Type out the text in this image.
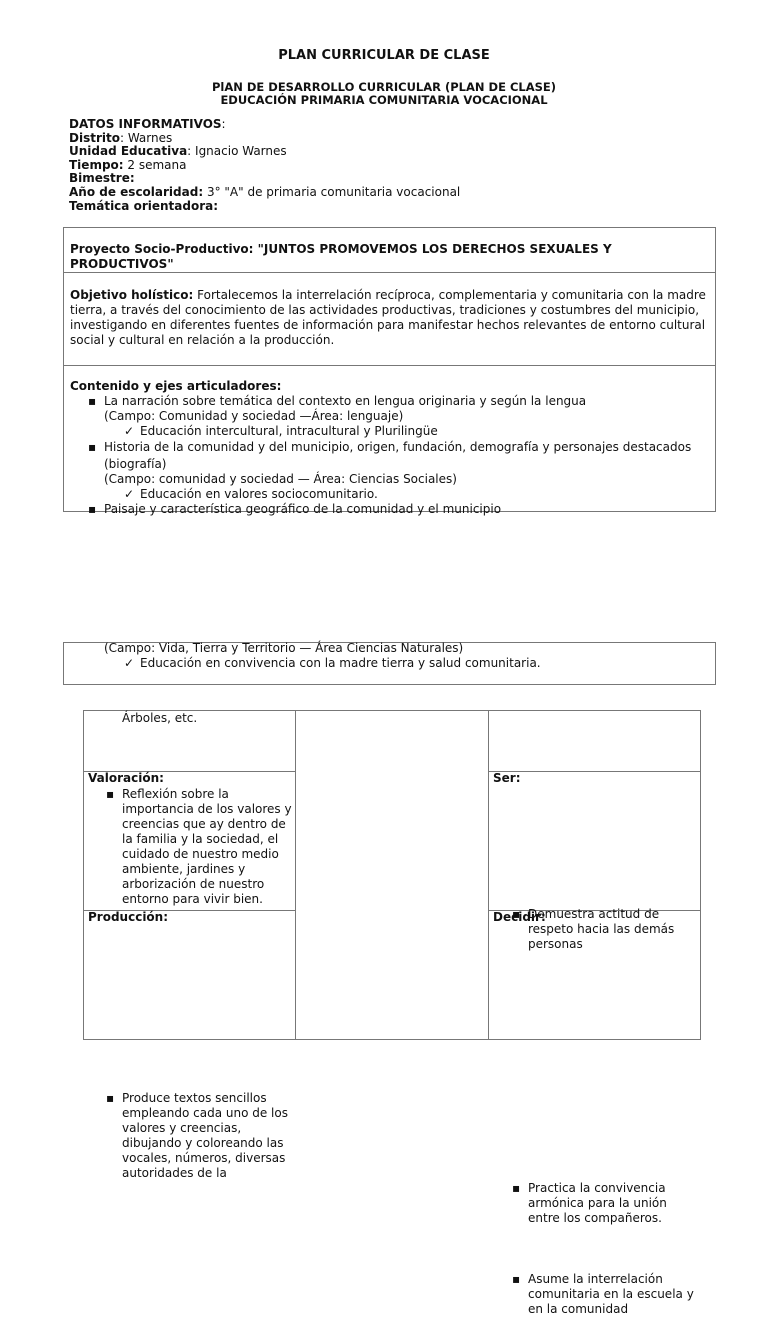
PLAN CURRICULAR DE CLASE
PlAN DE DESARROLLO CURRICULAR (PLAN DE CLASE)
EDUCACIÓN PRIMARIA COMUNITARIA VOCACIONAL
DATOS INFORMATIVOS:
Distrito: Warnes
Unidad Educativa: Ignacio Warnes
Tiempo: 2 semana
Bimestre:
Año de escolaridad: 3° "A" de primaria comunitaria vocacional
Temática orientadora:
Proyecto Socio-Productivo: "JUNTOS PROMOVEMOS LOS DERECHOS SEXUALES Y PRODUCTIVOS"
Objetivo holístico: Fortalecemos la interrelación recíproca, complementaria y comunitaria con la madre
tierra, a través del conocimiento de las actividades productivas, tradiciones y costumbres del municipio,
investigando en diferentes fuentes de información para manifestar hechos relevantes de entorno cultural
social y cultural en relación a la producción.
Contenido y ejes articuladores:
▪ La narración sobre temática del contexto en lengua originaria y según la lengua
(Campo: Comunidad y sociedad —Área: lenguaje)
✓ Educación intercultural, intracultural y Plurilingüe
▪ Historia de la comunidad y del municipio, origen, fundación, demografía y personajes destacados
(biografía)
(Campo: comunidad y sociedad — Área: Ciencias Sociales)
✓ Educación en valores sociocomunitario.
▪ Paisaje y característica geográfico de la comunidad y el municipio
(Campo: Vida, Tierra y Territorio — Área Ciencias Naturales)
✓ Educación en convivencia con la madre tierra y salud comunitaria.
Árboles, etc.
Valoración:
▪ Reflexión sobre la
importancia de los valores y
creencias que ay dentro de
la familia y la sociedad, el
cuidado de nuestro medio
ambiente, jardines y
arborización de nuestro
entorno para vivir bien.
Ser:
▪ Demuestra actitud de
respeto hacia las demás
personas
Producción:
▪ Produce textos sencillos
empleando cada uno de los
valores y creencias,
dibujando y coloreando las
vocales, números, diversas
autoridades de la
Decidir:
▪ Practica la convivencia
armónica para la unión
entre los compañeros.
▪ Asume la interrelación
comunitaria en la escuela y
en la comunidad
